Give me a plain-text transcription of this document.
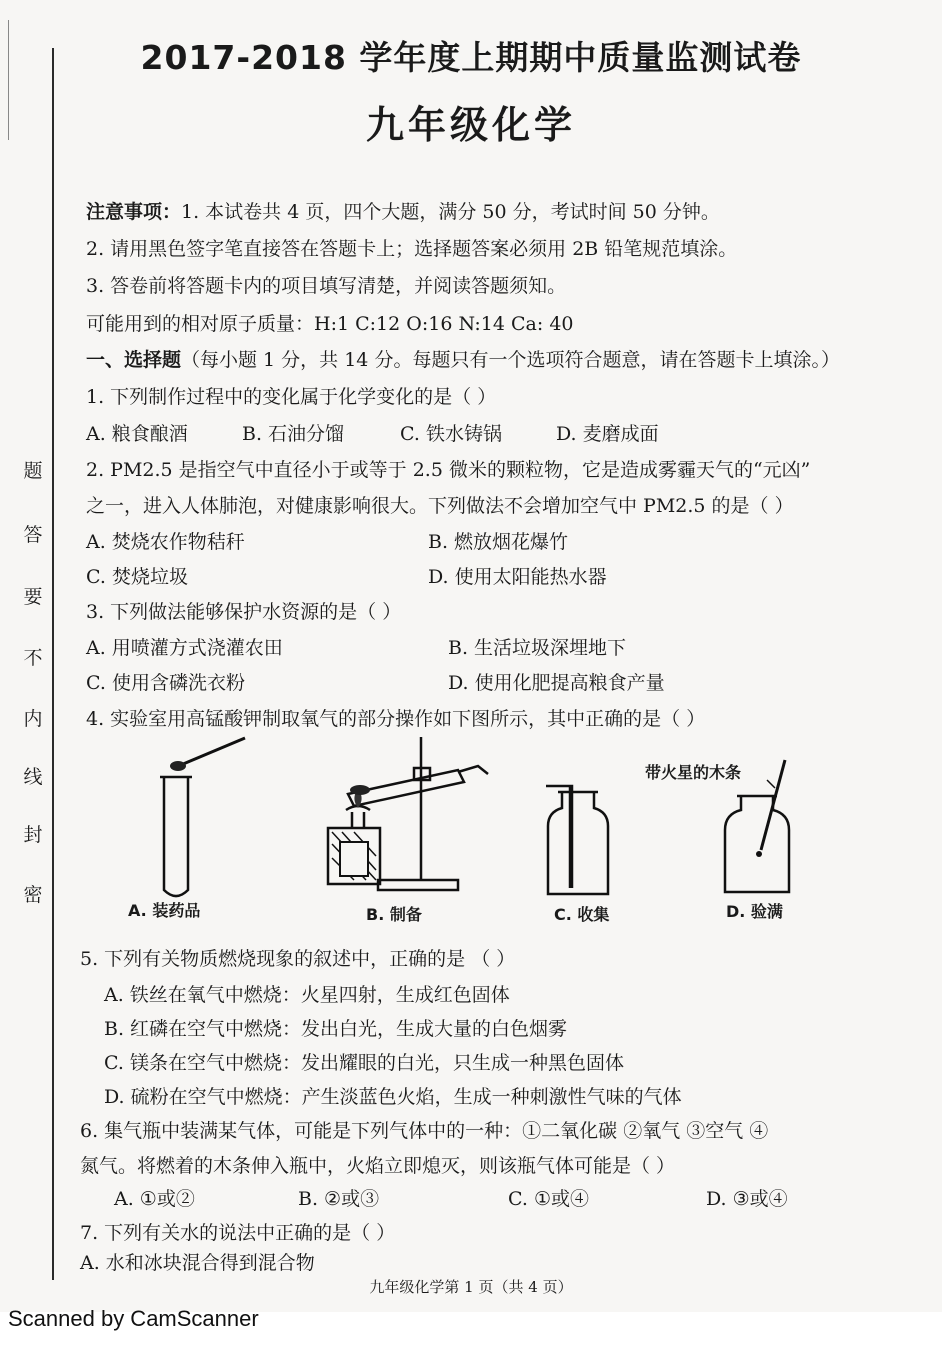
密
封
线
内
不
要
答
题
2017-2018 学年度上期期中质量监测试卷
九年级化学
注意事项：1. 本试卷共 4 页，四个大题，满分 50 分，考试时间 50 分钟。
2. 请用黑色签字笔直接答在答题卡上；选择题答案必须用 2B 铅笔规范填涂。
3. 答卷前将答题卡内的项目填写清楚，并阅读答题须知。
可能用到的相对原子质量：H:1 C:12 O:16 N:14 Ca: 40
一、选择题（每小题 1 分，共 14 分。每题只有一个选项符合题意，请在答题卡上填涂。）
1. 下列制作过程中的变化属于化学变化的是（ ）
A. 粮食酿酒	B. 石油分馏	C. 铁水铸锅	D. 麦磨成面
2. PM2.5 是指空气中直径小于或等于 2.5 微米的颗粒物，它是造成雾霾天气的“元凶”
之一，进入人体肺泡，对健康影响很大。下列做法不会增加空气中 PM2.5 的是（ ）
A. 焚烧农作物秸秆	B. 燃放烟花爆竹
C. 焚烧垃圾	D. 使用太阳能热水器
3. 下列做法能够保护水资源的是（ ）
A. 用喷灌方式浇灌农田	B. 生活垃圾深埋地下
C. 使用含磷洗衣粉	D. 使用化肥提高粮食产量
4. 实验室用高锰酸钾制取氧气的部分操作如下图所示，其中正确的是（ ）
A. 装药品	B. 制备	C. 收集
带火星的木条
D. 验满
5. 下列有关物质燃烧现象的叙述中，正确的是 （ ）
A. 铁丝在氧气中燃烧：火星四射，生成红色固体
B. 红磷在空气中燃烧：发出白光，生成大量的白色烟雾
C. 镁条在空气中燃烧：发出耀眼的白光，只生成一种黑色固体
D. 硫粉在空气中燃烧：产生淡蓝色火焰，生成一种刺激性气味的气体
6. 集气瓶中装满某气体，可能是下列气体中的一种：①二氧化碳 ②氧气 ③空气 ④
氮气。将燃着的木条伸入瓶中，火焰立即熄灭，则该瓶气体可能是（ ）
A. ①或②	B. ②或③	C. ①或④	D. ③或④
7. 下列有关水的说法中正确的是（ ）
A. 水和冰块混合得到混合物
九年级化学第 1 页（共 4 页）
Scanned by CamScanner
